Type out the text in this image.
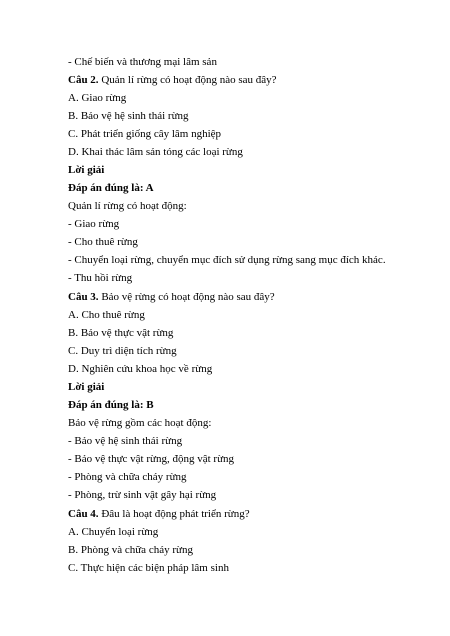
- Chế biến và thương mại lâm sản
Câu 2. Quản lí rừng có hoạt động nào sau đây?
A. Giao rừng
B. Bảo vệ hệ sinh thái rừng
C. Phát triển giống cây lâm nghiệp
D. Khai thác lâm sản tóng các loại rừng
Lời giải
Đáp án đúng là: A
Quản lí rừng có hoạt động:
- Giao rừng
- Cho thuê rừng
- Chuyển loại rừng, chuyển mục đích sử dụng rừng sang mục đích khác.
- Thu hồi rừng
Câu 3. Bảo vệ rừng có hoạt động nào sau đây?
A. Cho thuê rừng
B. Bảo vệ thực vật rừng
C. Duy trì diện tích rừng
D. Nghiên cứu khoa học về rừng
Lời giải
Đáp án đúng là: B
Bảo vệ rừng gồm các hoạt động:
- Bảo vệ hệ sinh thái rừng
- Bảo vệ thực vật rừng, động vật rừng
- Phòng và chữa cháy rừng
- Phòng, trừ sinh vật gây hại rừng
Câu 4. Đâu là hoạt động phát triển rừng?
A. Chuyển loại rừng
B. Phòng và chữa cháy rừng
C. Thực hiện các biện pháp lâm sinh
